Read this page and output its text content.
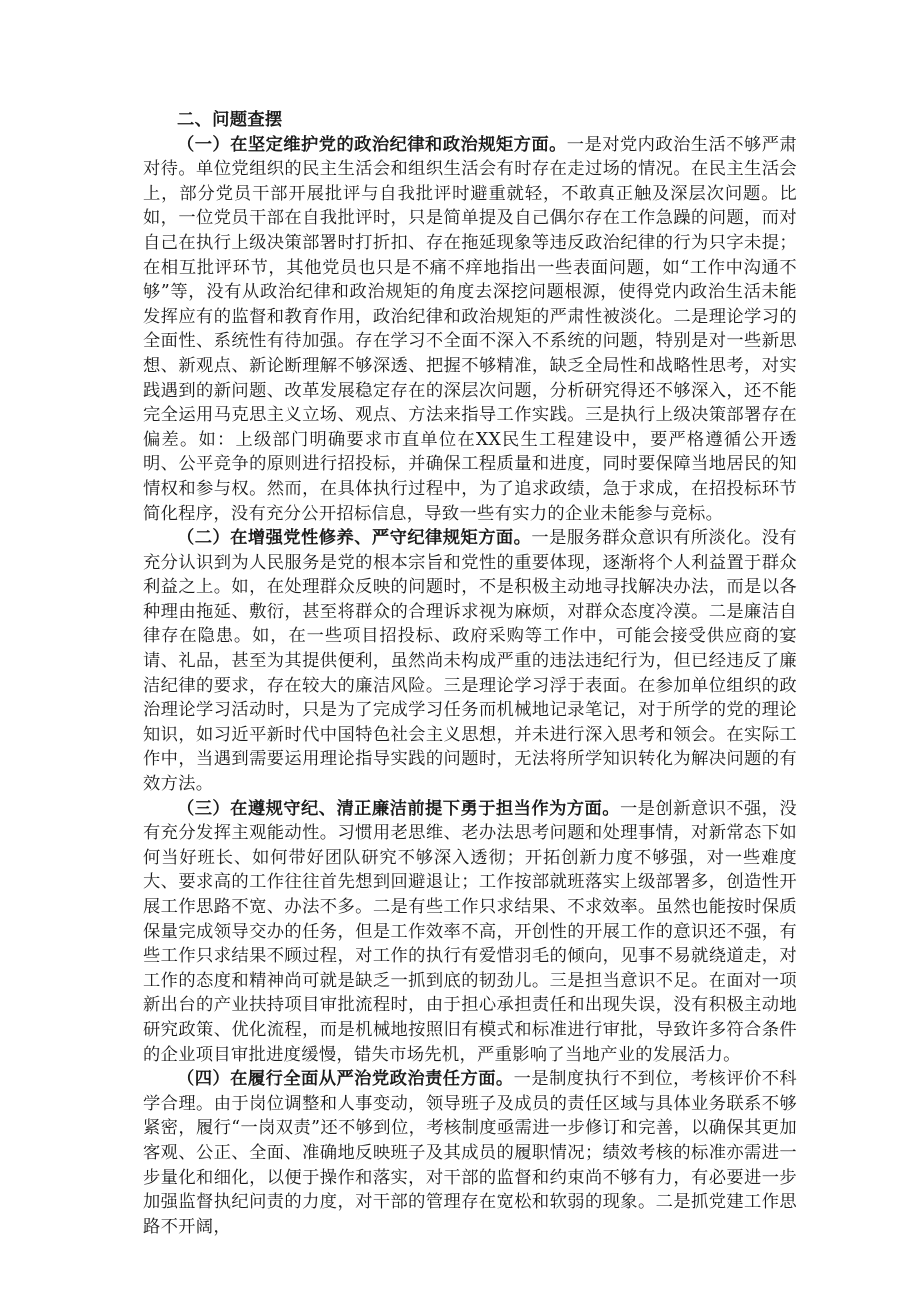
二、问题查摆

（一）在坚定维护党的政治纪律和政治规矩方面。一是对党内政治生活不够严肃对待。单位党组织的民主生活会和组织生活会有时存在走过场的情况。在民主生活会上，部分党员干部开展批评与自我批评时避重就轻，不敢真正触及深层次问题。比如，一位党员干部在自我批评时，只是简单提及自己偶尔存在工作急躁的问题，而对自己在执行上级决策部署时打折扣、存在拖延现象等违反政治纪律的行为只字未提；在相互批评环节，其他党员也只是不痛不痒地指出一些表面问题，如“工作中沟通不够”等，没有从政治纪律和政治规矩的角度去深挖问题根源，使得党内政治生活未能发挥应有的监督和教育作用，政治纪律和政治规矩的严肃性被淡化。二是理论学习的全面性、系统性有待加强。存在学习不全面不深入不系统的问题，特别是对一些新思想、新观点、新论断理解不够深透、把握不够精准，缺乏全局性和战略性思考，对实践遇到的新问题、改革发展稳定存在的深层次问题，分析研究得还不够深入，还不能完全运用马克思主义立场、观点、方法来指导工作实践。三是执行上级决策部署存在偏差。如：上级部门明确要求市直单位在XX民生工程建设中，要严格遵循公开透明、公平竞争的原则进行招投标，并确保工程质量和进度，同时要保障当地居民的知情权和参与权。然而，在具体执行过程中，为了追求政绩，急于求成，在招投标环节简化程序，没有充分公开招标信息，导致一些有实力的企业未能参与竞标。

（二）在增强党性修养、严守纪律规矩方面。一是服务群众意识有所淡化。没有充分认识到为人民服务是党的根本宗旨和党性的重要体现，逐渐将个人利益置于群众利益之上。如，在处理群众反映的问题时，不是积极主动地寻找解决办法，而是以各种理由拖延、敷衍，甚至将群众的合理诉求视为麻烦，对群众态度冷漠。二是廉洁自律存在隐患。如，在一些项目招投标、政府采购等工作中，可能会接受供应商的宴请、礼品，甚至为其提供便利，虽然尚未构成严重的违法违纪行为，但已经违反了廉洁纪律的要求，存在较大的廉洁风险。三是理论学习浮于表面。在参加单位组织的政治理论学习活动时，只是为了完成学习任务而机械地记录笔记，对于所学的党的理论知识，如习近平新时代中国特色社会主义思想，并未进行深入思考和领会。在实际工作中，当遇到需要运用理论指导实践的问题时，无法将所学知识转化为解决问题的有效方法。

（三）在遵规守纪、清正廉洁前提下勇于担当作为方面。一是创新意识不强，没有充分发挥主观能动性。习惯用老思维、老办法思考问题和处理事情，对新常态下如何当好班长、如何带好团队研究不够深入透彻；开拓创新力度不够强，对一些难度大、要求高的工作往往首先想到回避退让；工作按部就班落实上级部署多，创造性开展工作思路不宽、办法不多。二是有些工作只求结果、不求效率。虽然也能按时保质保量完成领导交办的任务，但是工作效率不高，开创性的开展工作的意识还不强，有些工作只求结果不顾过程，对工作的执行有爱惜羽毛的倾向，见事不易就绕道走，对工作的态度和精神尚可就是缺乏一抓到底的韧劲儿。三是担当意识不足。在面对一项新出台的产业扶持项目审批流程时，由于担心承担责任和出现失误，没有积极主动地研究政策、优化流程，而是机械地按照旧有模式和标准进行审批，导致许多符合条件的企业项目审批进度缓慢，错失市场先机，严重影响了当地产业的发展活力。

（四）在履行全面从严治党政治责任方面。一是制度执行不到位，考核评价不科学合理。由于岗位调整和人事变动，领导班子及成员的责任区域与具体业务联系不够紧密，履行“一岗双责”还不够到位，考核制度亟需进一步修订和完善，以确保其更加客观、公正、全面、准确地反映班子及其成员的履职情况；绩效考核的标准亦需进一步量化和细化，以便于操作和落实，对干部的监督和约束尚不够有力，有必要进一步加强监督执纪问责的力度，对干部的管理存在宽松和软弱的现象。二是抓党建工作思路不开阔，
